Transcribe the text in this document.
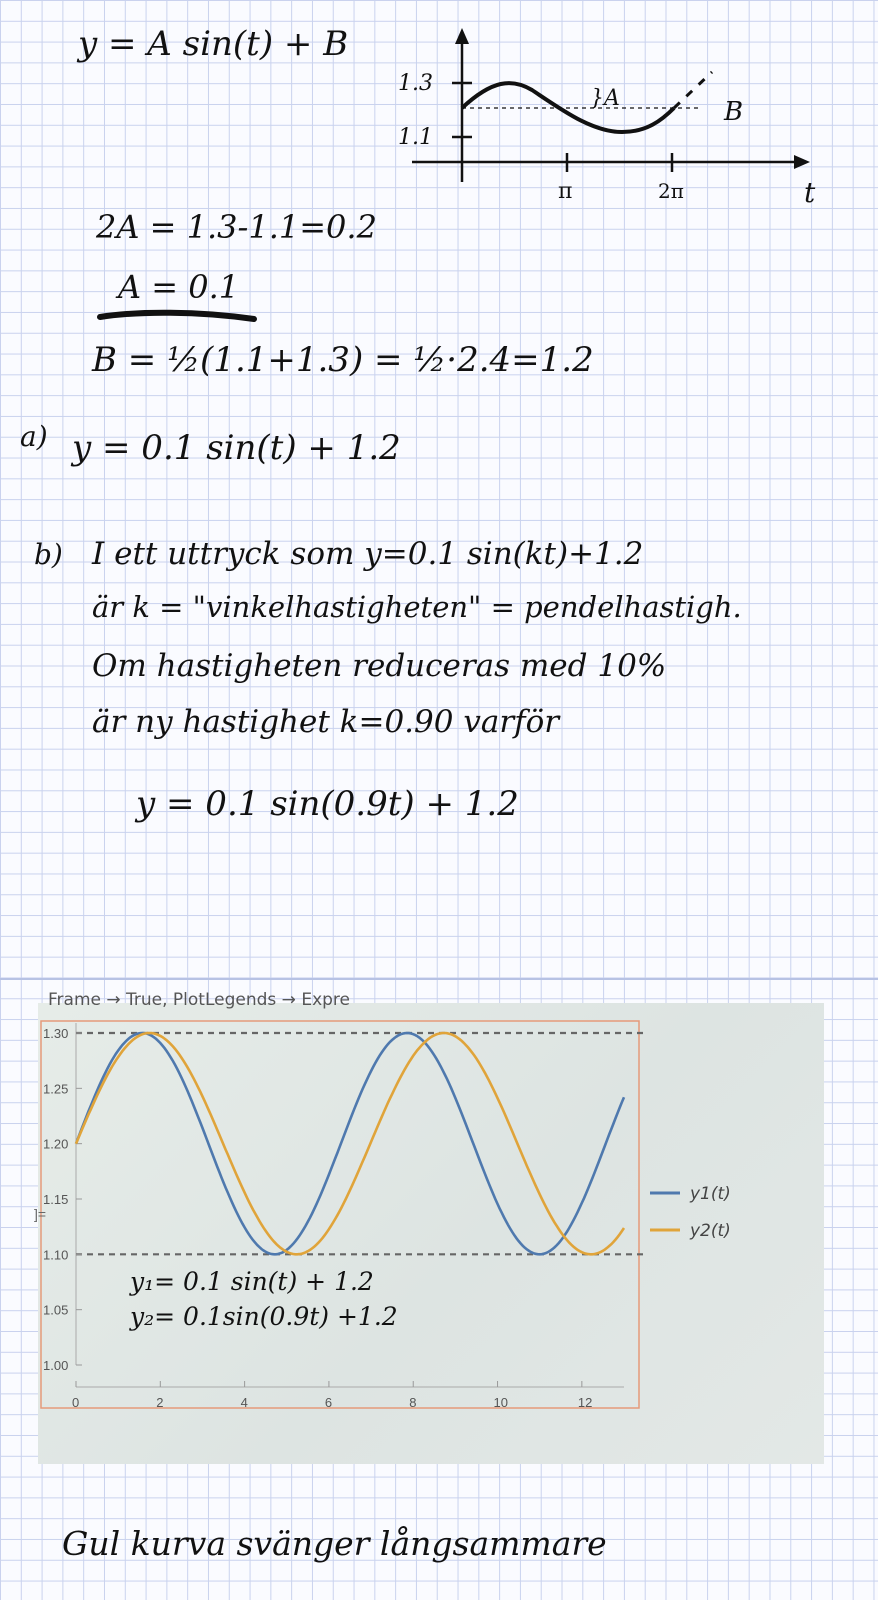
y = A sin(t) + B
1.3
1.1
π	2π	t
}A	B
2A = 1.3-1.1=0.2
A = 0.1
B = ½(1.1+1.3) = ½·2.4=1.2
a) y = 0.1 sin(t) + 1.2
b) I ett uttryck som y=0.1 sin(kt)+1.2
är k = "vinkelhastigheten" = pendelhastigh.
Om hastigheten reduceras med 10%
är ny hastighet k=0.90 varför
y = 0.1 sin(0.9t) + 1.2
Frame → True, PlotLegends → Expre
1.00
1.05
1.10
1.15
1.20
1.25
1.30
0	2	4	6	8	10	12
y1(t)
y2(t)
]=
y₁= 0.1 sin(t) + 1.2
y₂= 0.1sin(0.9t) +1.2
Gul kurva svänger långsammare
